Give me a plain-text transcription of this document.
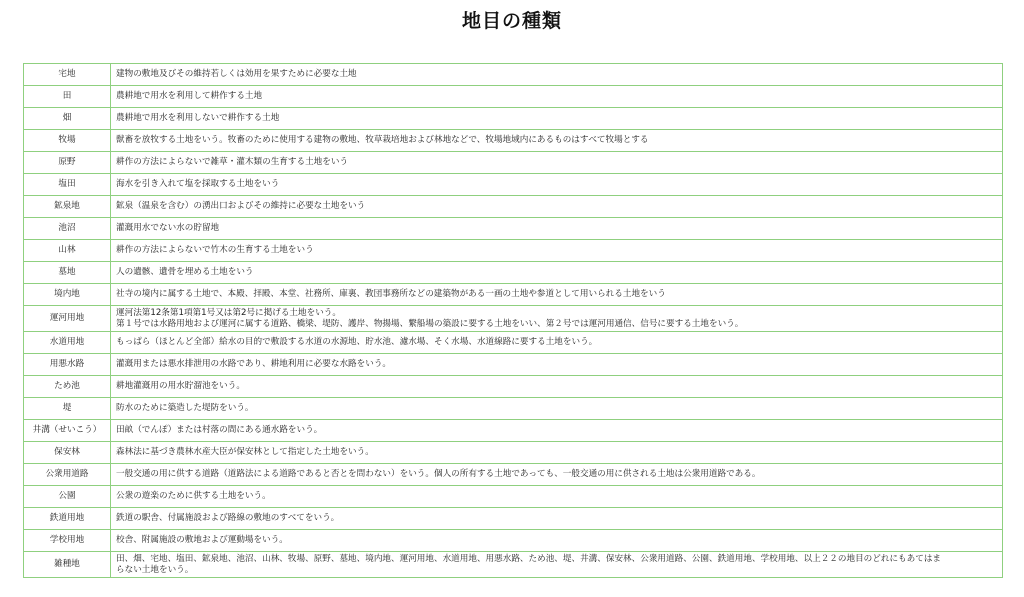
地目の種類
宅地	建物の敷地及びその維持若しくは効用を果すために必要な土地

田	農耕地で用水を利用して耕作する土地

畑	農耕地で用水を利用しないで耕作する土地

牧場	獣畜を放牧する土地をいう。牧畜のために使用する建物の敷地、牧草栽培地および林地などで、牧場地域内にあるものはすべて牧場とする

原野	耕作の方法によらないで雑草・灌木類の生育する土地をいう

塩田	海水を引き入れて塩を採取する土地をいう

鉱泉地	鉱泉（温泉を含む）の湧出口およびその維持に必要な土地をいう

池沼	灌漑用水でない水の貯留地

山林	耕作の方法によらないで竹木の生育する土地をいう

墓地	人の遺骸、遺骨を埋める土地をいう

境内地	社寺の境内に属する土地で、本殿、拝殿、本堂、社務所、庫裏、教団事務所などの建築物がある一画の土地や参道として用いられる土地をいう

運河用地	運河法第12条第1項第1号又は第2号に掲げる土地をいう。
第１号では水路用地および運河に属する道路、橋梁、堤防、護岸、物揚場、繋船場の築設に要する土地をいい、第２号では運河用通信、信号に要する土地をいう。

水道用地	もっぱら（ほとんど全部）給水の目的で敷設する水道の水源地、貯水池、濾水場、そく水場、水道線路に要する土地をいう。

用悪水路	灌漑用または悪水排泄用の水路であり、耕地利用に必要な水路をいう。

ため池	耕地灌漑用の用水貯溜池をいう。

堤	防水のために築造した堤防をいう。

井溝（せいこう）	田畝（でんぽ）または村落の間にある通水路をいう。

保安林	森林法に基づき農林水産大臣が保安林として指定した土地をいう。

公衆用道路	一般交通の用に供する道路（道路法による道路であると否とを問わない）をいう。個人の所有する土地であっても、一般交通の用に供される土地は公衆用道路である。

公園	公衆の遊楽のために供する土地をいう。

鉄道用地	鉄道の駅舎、付属施設および路線の敷地のすべてをいう。

学校用地	校舎、附属施設の敷地および運動場をいう。

雑種地	田、畑、宅地、塩田、鉱泉地、池沼、山林、牧場、原野、墓地、境内地、運河用地、水道用地、用悪水路、ため池、堤、井溝、保安林、公衆用道路、公園、鉄道用地、学校用地、以上２２の地目のどれにもあてはま
らない土地をいう。
